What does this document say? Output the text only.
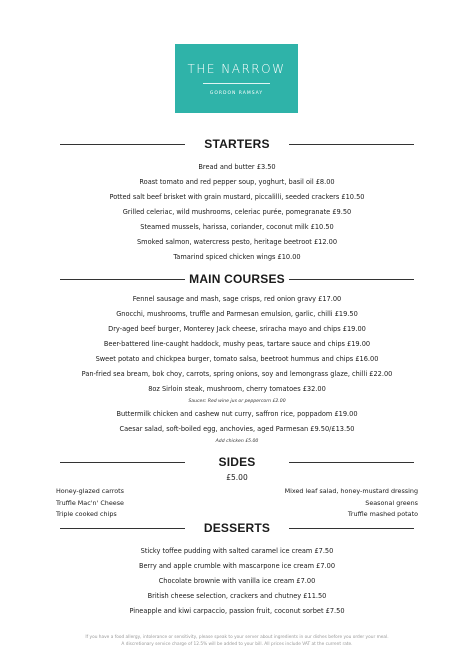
THE NARROW
GORDON RAMSAY
STARTERS
Bread and butter £3.50
Roast tomato and red pepper soup, yoghurt, basil oil £8.00
Potted salt beef brisket with grain mustard, piccalilli, seeded crackers £10.50
Grilled celeriac, wild mushrooms, celeriac purée, pomegranate £9.50
Steamed mussels, harissa, coriander, coconut milk £10.50
Smoked salmon, watercress pesto, heritage beetroot £12.00
Tamarind spiced chicken wings £10.00
MAIN COURSES
Fennel sausage and mash, sage crisps, red onion gravy £17.00
Gnocchi, mushrooms, truffle and Parmesan emulsion, garlic, chilli £19.50
Dry-aged beef burger, Monterey Jack cheese, sriracha mayo and chips £19.00
Beer-battered line-caught haddock, mushy peas, tartare sauce and chips £19.00
Sweet potato and chickpea burger, tomato salsa, beetroot hummus and chips £16.00
Pan-fried sea bream, bok choy, carrots, spring onions, soy and lemongrass glaze, chilli £22.00
8oz Sirloin steak, mushroom, cherry tomatoes £32.00
Sauces: Red wine jus or peppercorn £2.00
Buttermilk chicken and cashew nut curry, saffron rice, poppadom £19.00
Caesar salad, soft-boiled egg, anchovies, aged Parmesan £9.50/£13.50
Add chicken £5.00
SIDES
£5.00
Honey-glazed carrots
Truffle Mac'n' Cheese
Triple cooked chips
Mixed leaf salad, honey-mustard dressing
Seasonal greens
Truffle mashed potato
DESSERTS
Sticky toffee pudding with salted caramel ice cream £7.50
Berry and apple crumble with mascarpone ice cream £7.00
Chocolate brownie with vanilla ice cream £7.00
British cheese selection, crackers and chutney £11.50
Pineapple and kiwi carpaccio, passion fruit, coconut sorbet £7.50
If you have a food allergy, intolerance or sensitivity, please speak to your server about ingredients in our dishes before you order your meal.
A discretionary service charge of 12.5% will be added to your bill. All prices include VAT at the current rate.
